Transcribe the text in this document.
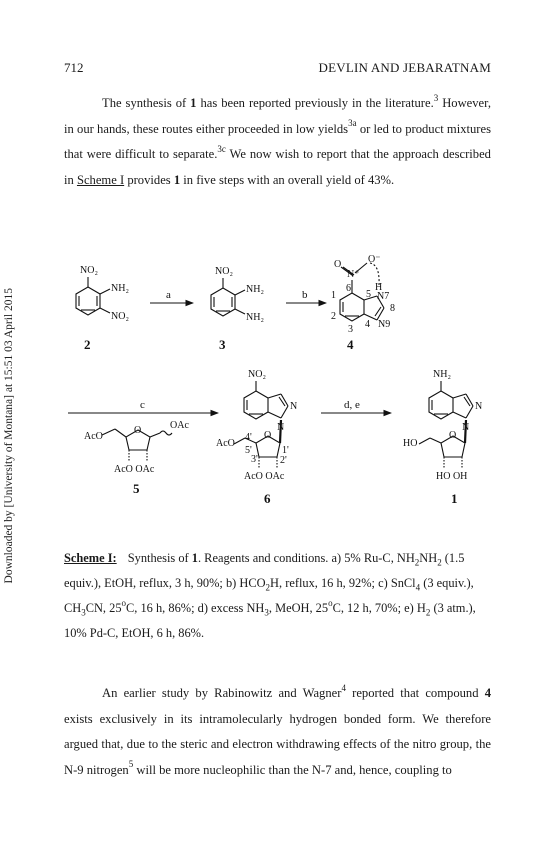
Downloaded by [University of Montana] at 15:51 03 April 2015
712	DEVLIN AND JEBARATNAM

The synthesis of 1 has been reported previously in the literature.$^3$ However, in our hands, these routes either proceeded in low yields$^{3a}$ or led to product mixtures that were difficult to separate.$^{3c}$ We now wish to report that the approach described in Scheme I provides 1 in five steps with an overall yield of 43%.

NO₂
NH₂
NO₂
NO₂
NH₂
NH₂
O⁻
N⁺
O
H
N7
8
N9
1
2
3 4
5
6
AcO
O	OAc
AcO OAc
NO₂
N
N
AcO
O
4'
5'	1'
3' 2'
AcO OAc
NH₂
N
N
HO
O
HO OH
a	b
c	d, e
2	3	4
5
6	1
Scheme I: Synthesis of 1. Reagents and conditions. a) 5% Ru-C, $NH_2NH_2$ (1.5 equiv.), EtOH, reflux, 3 h, 90%; b) $HCO_2H$, reflux, 16 h, 92%; c) SnCl$_4$ (3 equiv.), $CH_3CN$, 25$^o$C, 16 h, 86%; d) excess $NH_3$, MeOH, 25$^o$C, 12 h, 70%; e) $H_2$ (3 atm.), 10% Pd-C, EtOH, 6 h, 86%.

An earlier study by Rabinowitz and Wagner$^4$ reported that compound 4 exists exclusively in its intramolecularly hydrogen bonded form. We therefore argued that, due to the steric and electron withdrawing effects of the nitro group, the N-9 nitrogen$^5$ will be more nucleophilic than the N-7 and, hence, coupling to
